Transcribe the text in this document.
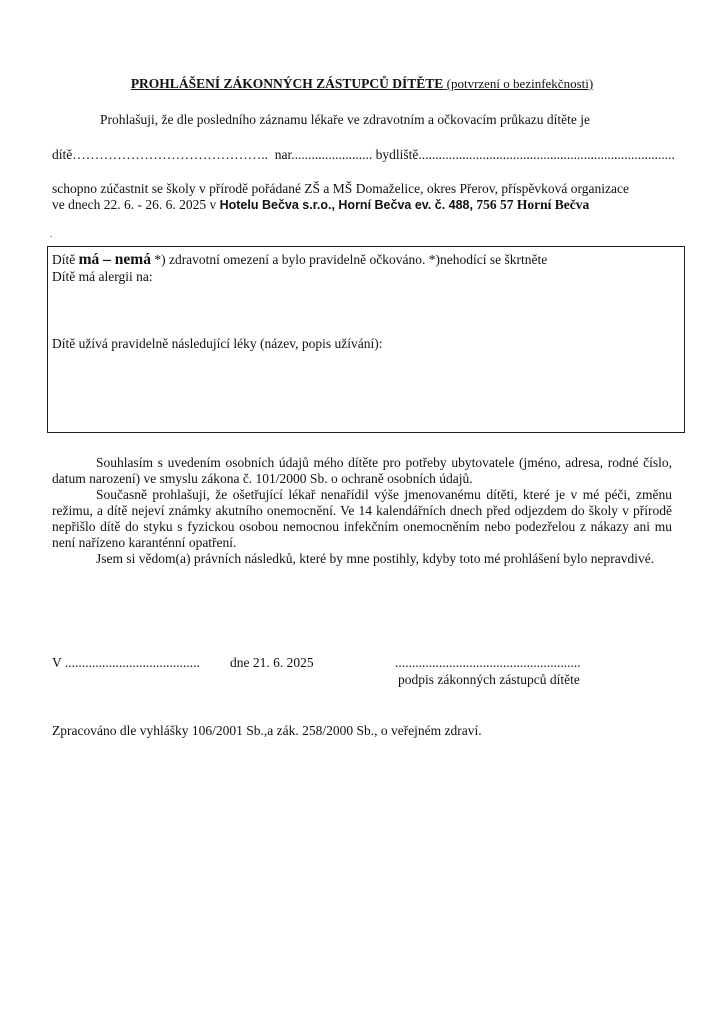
PROHLÁŠENÍ ZÁKONNÝCH ZÁSTUPCŮ DÍTĚTE (potvrzení o bezinfekčnosti)
Prohlašuji, že dle posledního záznamu lékaře ve zdravotním a očkovacím průkazu dítěte je
dítě…………………………………….. nar........................ bydliště............................................................................
schopno zúčastnit se školy v přírodě pořádané ZŠ a MŠ Domaželice, okres Přerov, příspěvková organizace
ve dnech 22. 6. - 26. 6. 2025 v Hotelu Bečva s.r.o., Horní Bečva ev. č. 488, 756 57 Horní Bečva
.
Dítě má – nemá *) zdravotní omezení a bylo pravidelně očkováno. *)nehodící se škrtněte
Dítě má alergii na:
Dítě užívá pravidelně následující léky (název, popis užívání):
Souhlasím s uvedením osobních údajů mého dítěte pro potřeby ubytovatele (jméno, adresa, rodné číslo, datum narození) ve smyslu zákona č. 101/2000 Sb. o ochraně osobních údajů.
Současně prohlašuji, že ošetřující lékař nenařídil výše jmenovanému dítěti, které je v mé péči, změnu režimu, a dítě nejeví známky akutního onemocnění. Ve 14 kalendářních dnech před odjezdem do školy v přírodě nepřišlo dítě do styku s fyzickou osobou nemocnou infekčním onemocněním nebo podezřelou z nákazy ani mu není nařízeno karanténní opatření.
Jsem si vědom(a) právních následků, které by mne postihly, kdyby toto mé prohlášení bylo nepravdivé.
V ........................................ dne 21. 6. 2025	.......................................................
podpis zákonných zástupců dítěte
Zpracováno dle vyhlášky 106/2001 Sb.,a zák. 258/2000 Sb., o veřejném zdraví.
